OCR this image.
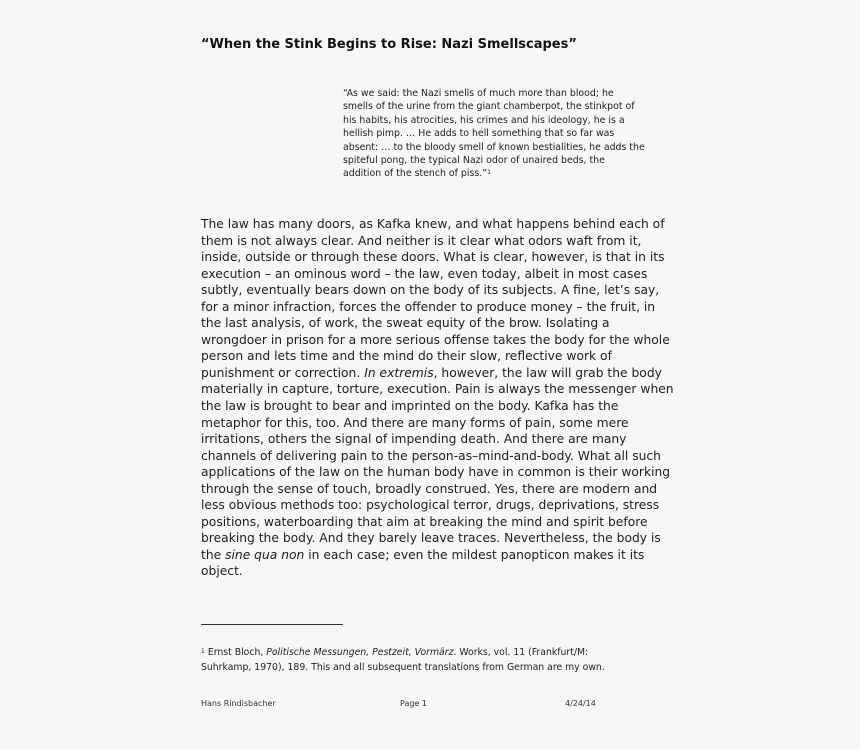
“When the Stink Begins to Rise: Nazi Smellscapes”
“As we said: the Nazi smells of much more than blood; he
smells of the urine from the giant chamberpot, the stinkpot of
his habits, his atrocities, his crimes and his ideology, he is a
hellish pimp. … He adds to hell something that so far was
absent: … to the bloody smell of known bestialities, he adds the
spiteful pong, the typical Nazi odor of unaired beds, the
addition of the stench of piss.”$^1$
The law has many doors, as Kafka knew, and what happens behind each of
them is not always clear. And neither is it clear what odors waft from it,
inside, outside or through these doors. What is clear, however, is that in its
execution – an ominous word – the law, even today, albeit in most cases
subtly, eventually bears down on the body of its subjects. A fine, let’s say,
for a minor infraction, forces the offender to produce money – the fruit, in
the last analysis, of work, the sweat equity of the brow. Isolating a
wrongdoer in prison for a more serious offense takes the body for the whole
person and lets time and the mind do their slow, reflective work of
punishment or correction. In extremis, however, the law will grab the body
materially in capture, torture, execution. Pain is always the messenger when
the law is brought to bear and imprinted on the body. Kafka has the
metaphor for this, too. And there are many forms of pain, some mere
irritations, others the signal of impending death. And there are many
channels of delivering pain to the person-as–mind-and-body. What all such
applications of the law on the human body have in common is their working
through the sense of touch, broadly construed. Yes, there are modern and
less obvious methods too: psychological terror, drugs, deprivations, stress
positions, waterboarding that aim at breaking the mind and spirit before
breaking the body. And they barely leave traces. Nevertheless, the body is
the sine qua non in each case; even the mildest panopticon makes it its
object.
$^1$ Ernst Bloch, Politische Messungen, Pestzeit, Vormärz. Works, vol. 11 (Frankfurt/M:
Suhrkamp, 1970), 189. This and all subsequent translations from German are my own.
Hans Rindisbacher	Page 1	4/24/14
